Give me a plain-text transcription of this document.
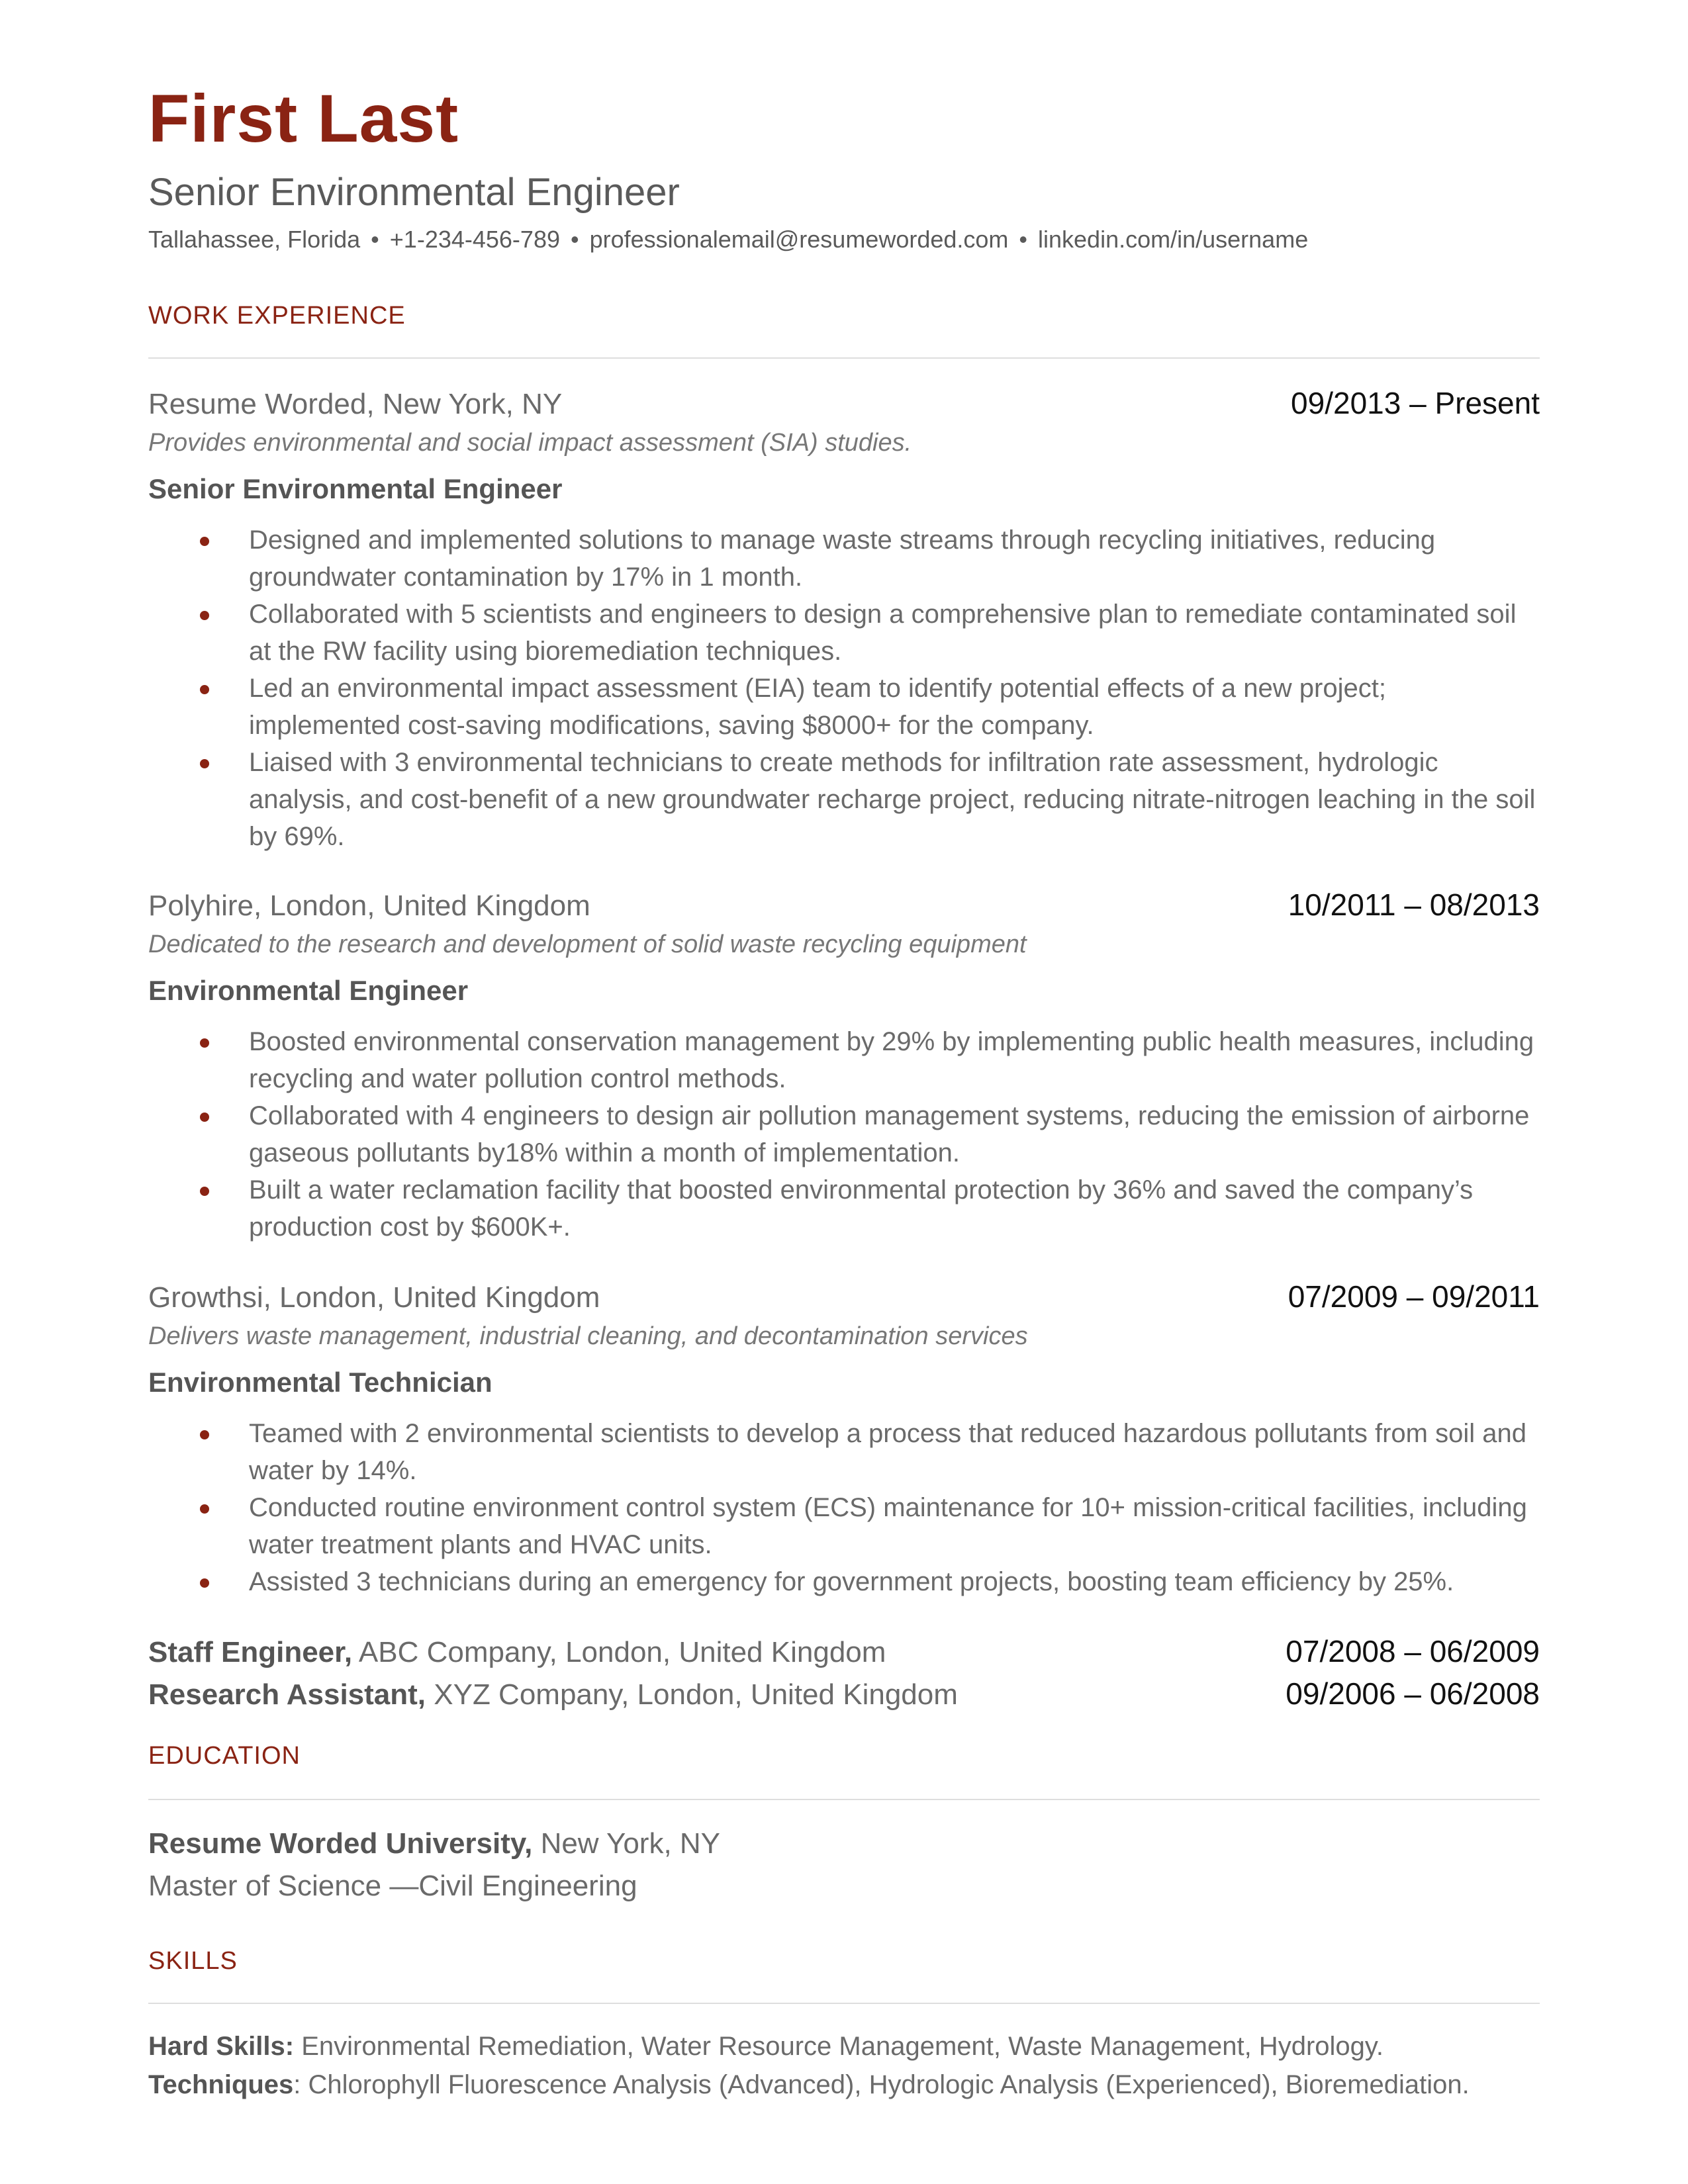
First Last
Senior Environmental Engineer
Tallahassee, Florida • +1-234-456-789 • professionalemail@resumeworded.com • linkedin.com/in/username
WORK EXPERIENCE
Resume Worded, New York, NY	09/2013 – Present
Provides environmental and social impact assessment (SIA) studies.
Senior Environmental Engineer
Designed and implemented solutions to manage waste streams through recycling initiatives, reducing groundwater contamination by 17% in 1 month.
Collaborated with 5 scientists and engineers to design a comprehensive plan to remediate contaminated soil at the RW facility using bioremediation techniques.
Led an environmental impact assessment (EIA) team to identify potential effects of a new project; implemented cost-saving modifications, saving $8000+ for the company.
Liaised with 3 environmental technicians to create methods for infiltration rate assessment, hydrologic analysis, and cost-benefit of a new groundwater recharge project, reducing nitrate-nitrogen leaching in the soil by 69%.
Polyhire, London, United Kingdom	10/2011 – 08/2013
Dedicated to the research and development of solid waste recycling equipment
Environmental Engineer
Boosted environmental conservation management by 29% by implementing public health measures, including recycling and water pollution control methods.
Collaborated with 4 engineers to design air pollution management systems, reducing the emission of airborne gaseous pollutants by18% within a month of implementation.
Built a water reclamation facility that boosted environmental protection by 36% and saved the company’s production cost by $600K+.
Growthsi, London, United Kingdom	07/2009 – 09/2011
Delivers waste management, industrial cleaning, and decontamination services
Environmental Technician
Teamed with 2 environmental scientists to develop a process that reduced hazardous pollutants from soil and water by 14%.
Conducted routine environment control system (ECS) maintenance for 10+ mission-critical facilities, including water treatment plants and HVAC units.
Assisted 3 technicians during an emergency for government projects, boosting team efficiency by 25%.
Staff Engineer, ABC Company, London, United Kingdom	07/2008 – 06/2009
Research Assistant, XYZ Company, London, United Kingdom	09/2006 – 06/2008
EDUCATION
Resume Worded University, New York, NY
Master of Science —Civil Engineering
SKILLS
Hard Skills: Environmental Remediation, Water Resource Management, Waste Management, Hydrology.
Techniques: Chlorophyll Fluorescence Analysis (Advanced), Hydrologic Analysis (Experienced), Bioremediation.
